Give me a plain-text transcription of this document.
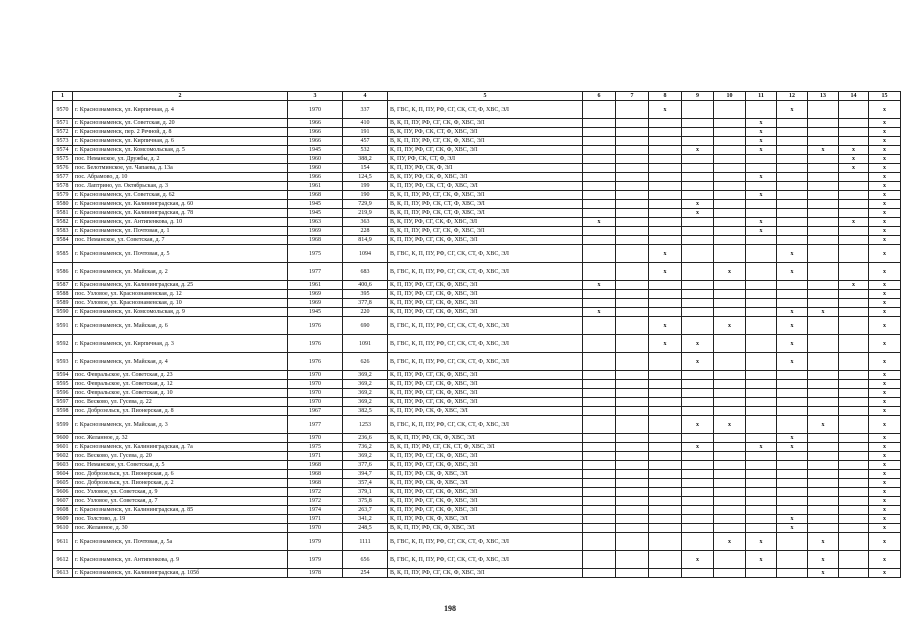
1	2	3	4	5	6	7	8	9	10	11	12	13	14	15
9570	г. Краснознаменск, ул. Кирпичная, д. 4	1970	337	В, ГВС, К, П, ПУ, РФ, СГ, СК, СТ, Ф, ХВС, ЭЛ			x				x			x
9571	г. Краснознаменск, ул. Советская, д. 20	1966	410	В, К, П, ПУ, РФ, СГ, СК, Ф, ХВС, ЭЛ						x				x
9572	г. Краснознаменск, пер. 2 Речной, д. 8	1966	191	В, К, ПУ, РФ, СК, СТ, Ф, ХВС, ЭЛ						x				x
9573	г. Краснознаменск, ул. Кирпичная, д. 6	1966	457	В, К, П, ПУ, РФ, СГ, СК, Ф, ХВС, ЭЛ						x				x
9574	г. Краснознаменск, ул. Комсомольская, д. 5	1945	532	К, П, ПУ, РФ, СГ, СК, Ф, ХВС, ЭЛ				x		x		x	x	x
9575	пос. Неманское, ул. Дружбы, д. 2	1960	388,2	К, ПУ, РФ, СК, СТ, Ф, ЭЛ									x	x
9576	пос. Белотминское, ул. Чапаева, д. 13а	1960	154	К, П, ПУ, РФ, СК, Ф, ЭЛ									x	x
9577	пос. Абрамово, д. 10	1966	124,5	В, К, ПУ, РФ, СК, Ф, ХВС, ЭЛ						x				x
9578	пос. Лаптрино, ул. Октябрьская, д. 3	1961	199	К, П, ПУ, РФ, СК, СТ, Ф, ХВС, ЭЛ										x
9579	г. Краснознаменск, ул. Советская, д. 62	1968	190	В, К, П, ПУ, РФ, СГ, СК, Ф, ХВС, ЭЛ						x				x
9580	г. Краснознаменск, ул. Калининградская, д. 60	1945	729,9	В, К, П, ПУ, РФ, СК, СТ, Ф, ХВС, ЭЛ				x						x
9581	г. Краснознаменск, ул. Калининградская, д. 78	1945	219,9	В, К, П, ПУ, РФ, СК, СТ, Ф, ХВС, ЭЛ				x						x
9582	г. Краснознаменск, ул. Антипенкова, д. 10	1963	363	В, К, ПУ, РФ, СГ, СК, Ф, ХВС, ЭЛ	x					x			x	x
9583	г. Краснознаменск, ул. Почтовая, д. 1	1969	228	В, К, П, ПУ, РФ, СГ, СК, Ф, ХВС, ЭЛ						x				x
9584	пос. Неманское, ул. Советская, д. 7	1968	814,9	К, П, ПУ, РФ, СГ, СК, Ф, ХВС, ЭЛ										x
9585	г. Краснознаменск, ул. Почтовая, д. 5	1975	1094	В, ГВС, К, П, ПУ, РФ, СГ, СК, СТ, Ф, ХВС, ЭЛ			x				x			x
9586	г. Краснознаменск, ул. Майская, д. 2	1977	683	В, ГВС, К, П, ПУ, РФ, СГ, СК, СТ, Ф, ХВС, ЭЛ			x		x		x			x
9587	г. Краснознаменск, ул. Калининградская, д. 25	1961	400,6	К, П, ПУ, РФ, СГ, СК, Ф, ХВС, ЭЛ	x								x	x
9588	пос. Узловое, ул. Краснознаменская, д. 12	1969	395	К, П, ПУ, РФ, СГ, СК, Ф, ХВС, ЭЛ										x
9589	пос. Узловое, ул. Краснознаменская, д. 10	1969	377,8	К, П, ПУ, РФ, СГ, СК, Ф, ХВС, ЭЛ										x
9590	г. Краснознаменск, ул. Комсомольская, д. 9	1945	220	К, П, ПУ, РФ, СГ, СК, Ф, ХВС, ЭЛ	x						x	x		x
9591	г. Краснознаменск, ул. Майская, д. 6	1976	690	В, ГВС, К, П, ПУ, РФ, СГ, СК, СТ, Ф, ХВС, ЭЛ			x		x		x			x
9592	г. Краснознаменск, ул. Кирпичная, д. 3	1976	1091	В, ГВС, К, П, ПУ, РФ, СГ, СК, СТ, Ф, ХВС, ЭЛ			x	x			x			x
9593	г. Краснознаменск, ул. Майская, д. 4	1976	626	В, ГВС, К, П, ПУ, РФ, СГ, СК, СТ, Ф, ХВС, ЭЛ				x			x			x
9594	пос. Февральское, ул. Советская, д. 23	1970	369,2	К, П, ПУ, РФ, СГ, СК, Ф, ХВС, ЭЛ										x
9595	пос. Февральское, ул. Советская, д. 12	1970	369,2	К, П, ПУ, РФ, СГ, СК, Ф, ХВС, ЭЛ										x
9596	пос. Февральское, ул. Советская, д. 10	1970	369,2	К, П, ПУ, РФ, СГ, СК, Ф, ХВС, ЭЛ										x
9597	пос. Весково, ул. Гусева, д. 22	1970	369,2	К, П, ПУ, РФ, СГ, СК, Ф, ХВС, ЭЛ										x
9598	пос. Доброзельск, ул. Пионерская, д. 8	1967	382,5	К, П, ПУ, РФ, СК, Ф, ХВС, ЭЛ										x
9599	г. Краснознаменск, ул. Майская, д. 3	1977	1253	В, ГВС, К, П, ПУ, РФ, СГ, СК, СТ, Ф, ХВС, ЭЛ				x	x			x		x
9600	пос. Желанное, д. 32	1970	236,6	В, К, П, ПУ, РФ, СК, Ф, ХВС, ЭЛ							x			x
9601	г. Краснознаменск, ул. Калининградская, д. 7а	1975	736,2	В, К, П, ПУ, РФ, СГ, СК, СТ, Ф, ХВС, ЭЛ				x		x	x			x
9602	пос. Весково, ул. Гусева, д. 20	1971	369,2	К, П, ПУ, РФ, СГ, СК, Ф, ХВС, ЭЛ										x
9603	пос. Неманское, ул. Советская, д. 5	1968	377,6	К, П, ПУ, РФ, СГ, СК, Ф, ХВС, ЭЛ										x
9604	пос. Доброзельск, ул. Пионерская, д. 6	1968	394,7	К, П, ПУ, РФ, СК, Ф, ХВС, ЭЛ										x
9605	пос. Доброзельск, ул. Пионерская, д. 2	1968	357,4	К, П, ПУ, РФ, СК, Ф, ХВС, ЭЛ										x
9606	пос. Узловое, ул. Советская, д. 9	1972	379,1	К, П, ПУ, РФ, СГ, СК, Ф, ХВС, ЭЛ										x
9607	пос. Узловое, ул. Советская, д. 7	1972	375,8	К, П, ПУ, РФ, СГ, СК, Ф, ХВС, ЭЛ										x
9608	г. Краснознаменск, ул. Калининградская, д. 85	1974	263,7	К, П, ПУ, РФ, СГ, СК, Ф, ХВС, ЭЛ										x
9609	пос. Толстово, д. 19	1971	341,2	К, П, ПУ, РФ, СК, Ф, ХВС, ЭЛ							x			x
9610	пос. Желанное, д. 30	1970	248,5	В, К, П, ПУ, РФ, СК, Ф, ХВС, ЭЛ							x			x
9611	г. Краснознаменск, ул. Почтовая, д. 5а	1979	1111	В, ГВС, К, П, ПУ, РФ, СГ, СК, СТ, Ф, ХВС, ЭЛ					x	x		x		x
9612	г. Краснознаменск, ул. Антипенкова, д. 9	1979	656	В, ГВС, К, П, ПУ, РФ, СГ, СК, СТ, Ф, ХВС, ЭЛ				x		x		x		x
9613	г. Краснознаменск, ул. Калининградская, д. 105б	1978	254	В, К, П, ПУ, РФ, СГ, СК, Ф, ХВС, ЭЛ								x		x
198
